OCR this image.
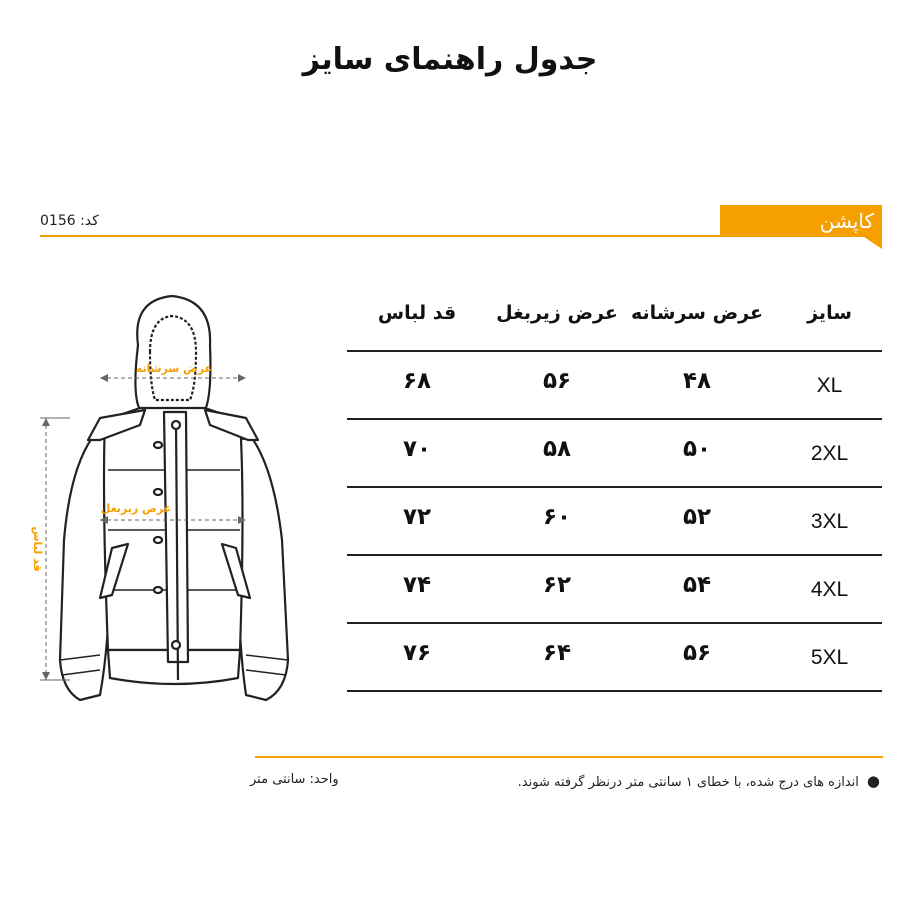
جدول راهنمای سایز
کاپشن
کد: 0156
عرض سرشانه
عرض زیربغل
قد لباس
سایز
عرض سرشانه
عرض زیربغل
قد لباس
XL
۴۸
۵۶
۶۸
2XL
۵۰
۵۸
۷۰
3XL
۵۲
۶۰
۷۲
4XL
۵۴
۶۲
۷۴
5XL
۵۶
۶۴
۷۶
●اندازه های درج شده، با خطای ۱ سانتی متر درنظر گرفته شوند.
واحد: سانتی متر
